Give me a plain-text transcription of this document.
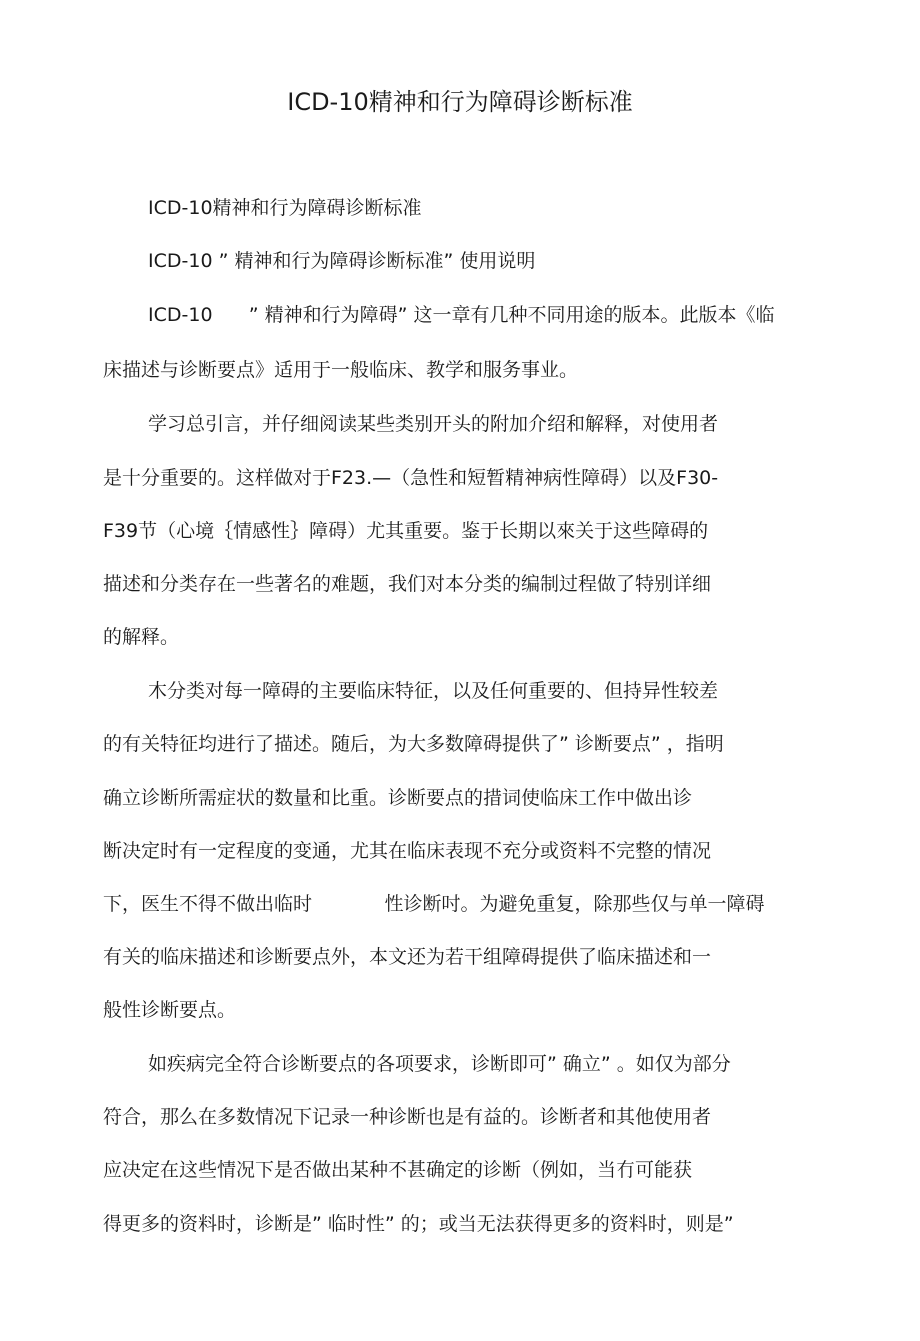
ICD-10精神和行为障碍诊断标准
ICD-10精神和行为障碍诊断标准
ICD-10 ” 精神和行为障碍诊断标准” 使用说明
ICD-10      ” 精神和行为障碍” 这一章有几种不同用途的版本。此版本《临
床描述与诊断要点》适用于一般临床、教学和服务事业。
学习总引言，并仔细阅读某些类别开头的附加介绍和解释，对使用者
是十分重要的。这样做对于F23.—（急性和短暂精神病性障碍）以及F30-
F39节（心境｛情感性｝障碍）尤其重要。鉴于长期以來关于这些障碍的
描述和分类存在一些著名的难题，我们对本分类的编制过程做了特别详细
的解释。
木分类对每一障碍的主要临床特征，以及任何重要的、但持异性较差
的有关特征均进行了描述。随后，为大多数障碍提供了” 诊断要点” ，指明
确立诊断所需症状的数量和比重。诊断要点的措词使临床工作中做出诊
断决定时有一定程度的变通，尤其在临床表现不充分或资料不完整的情况
下，医生不得不做出临时            性诊断吋。为避免重复，除那些仅与单一障碍
有关的临床描述和诊断要点外，本文还为若干组障碍提供了临床描述和一
般性诊断要点。
如疾病完全符合诊断要点的各项要求，诊断即可” 确立” 。如仅为部分
符合，那么在多数情况下记录一种诊断也是有益的。诊断者和其他使用者
应决定在这些情况下是否做出某种不甚确定的诊断（例如，当冇可能获
得更多的资料时，诊断是” 临时性” 的；或当无法获得更多的资料时，则是”
